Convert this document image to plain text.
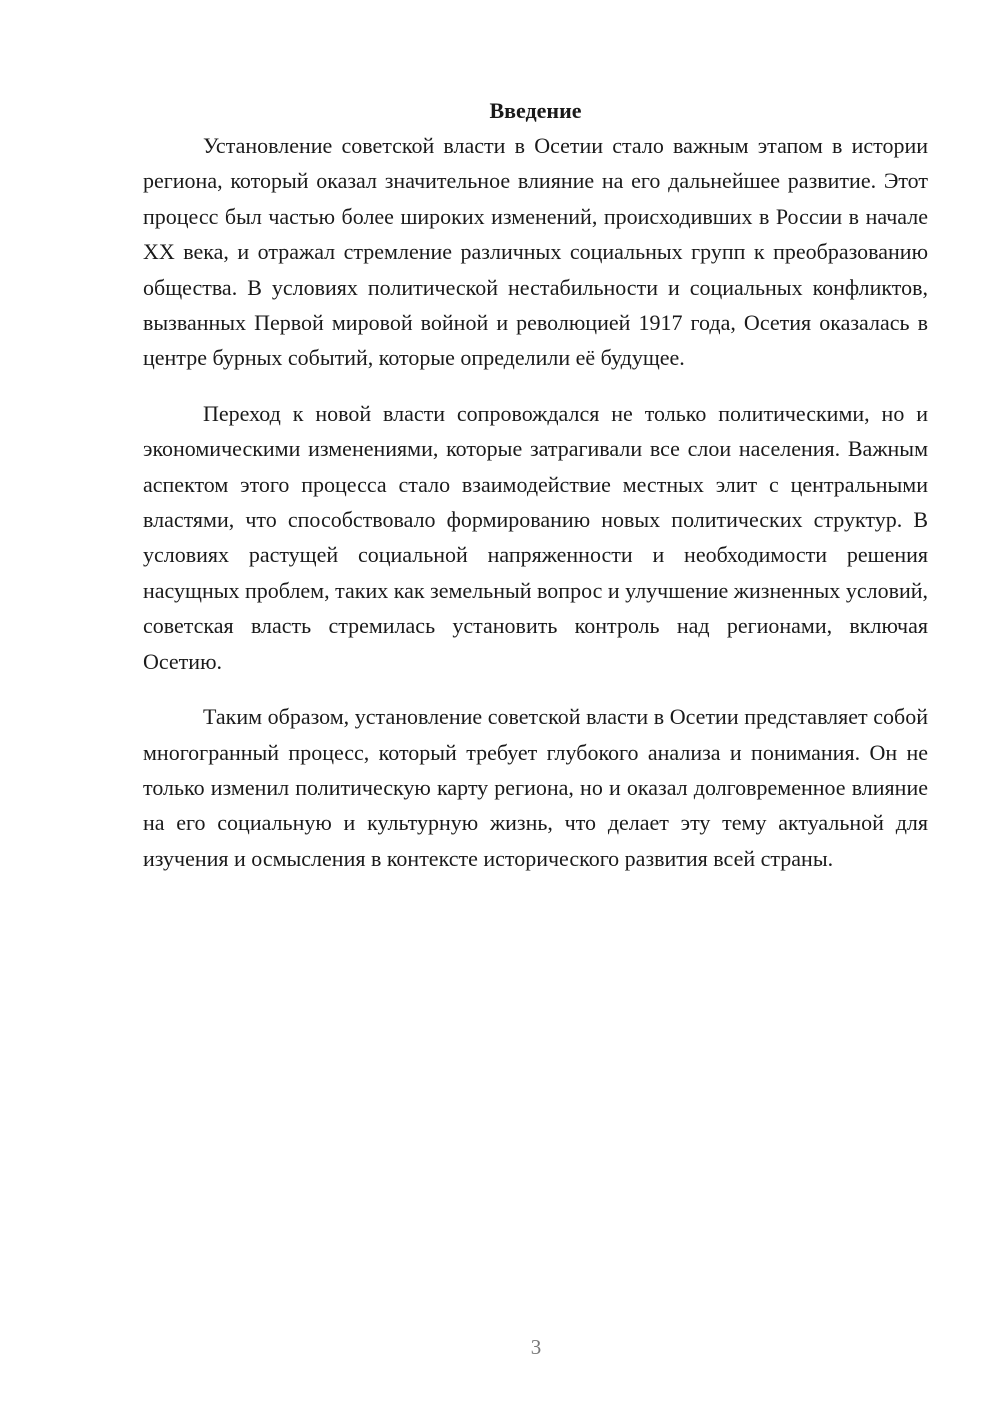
Введение

Установление советской власти в Осетии стало важным этапом в истории региона, который оказал значительное влияние на его дальнейшее развитие. Этот процесс был частью более широких изменений, происходивших в России в начале XX века, и отражал стремление различных социальных групп к преобразованию общества. В условиях политической нестабильности и социальных конфликтов, вызванных Первой мировой войной и революцией 1917 года, Осетия оказалась в центре бурных событий, которые определили её будущее.

Переход к новой власти сопровождался не только политическими, но и экономическими изменениями, которые затрагивали все слои населения. Важным аспектом этого процесса стало взаимодействие местных элит с центральными властями, что способствовало формированию новых политических структур. В условиях растущей социальной напряженности и необходимости решения насущных проблем, таких как земельный вопрос и улучшение жизненных условий, советская власть стремилась установить контроль над регионами, включая Осетию.

Таким образом, установление советской власти в Осетии представляет собой многогранный процесс, который требует глубокого анализа и понимания. Он не только изменил политическую карту региона, но и оказал долговременное влияние на его социальную и культурную жизнь, что делает эту тему актуальной для изучения и осмысления в контексте исторического развития всей страны.

3
